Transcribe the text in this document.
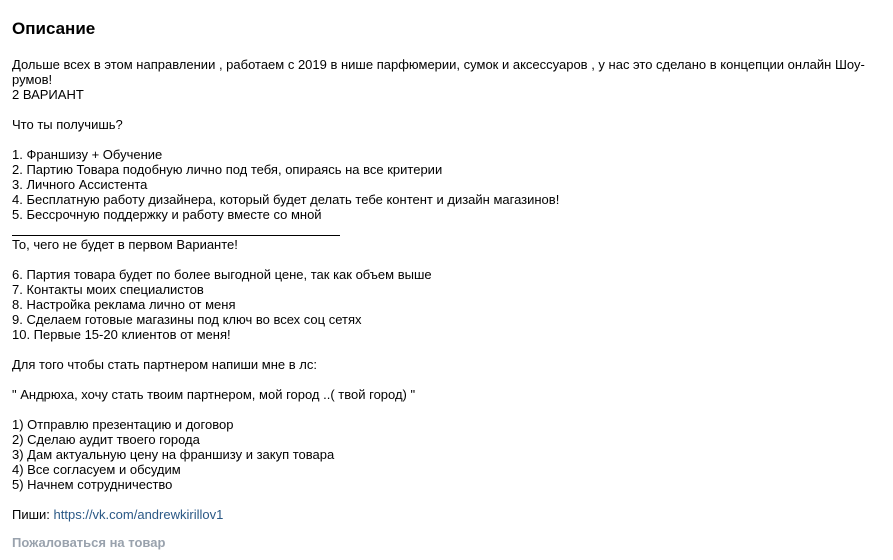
Описание
Дольше всех в этом направлении , работаем с 2019 в нише парфюмерии, сумок и аксессуаров , у нас это сделано в концепции онлайн Шоу-
румов!
2 ВАРИАНТ
Что ты получишь?
1. Франшизу + Обучение
2. Партию Товара подобную лично под тебя, опираясь на все критерии
3. Личного Ассистента
4. Бесплатную работу дизайнера, который будет делать тебе контент и дизайн магазинов!
5. Бессрочную поддержку и работу вместе со мной
То, чего не будет в первом Варианте!
6. Партия товара будет по более выгодной цене, так как объем выше
7. Контакты моих специалистов
8. Настройка реклама лично от меня
9. Сделаем готовые магазины под ключ во всех соц сетях
10. Первые 15-20 клиентов от меня!
Для того чтобы стать партнером напиши мне в лс:
" Андрюха, хочу стать твоим партнером, мой город ..( твой город) "
1) Отправлю презентацию и договор
2) Сделаю аудит твоего города
3) Дам актуальную цену на франшизу и закуп товара
4) Все согласуем и обсудим
5) Начнем сотрудничество
Пиши: https://vk.com/andrewkirillov1
Пожаловаться на товар
